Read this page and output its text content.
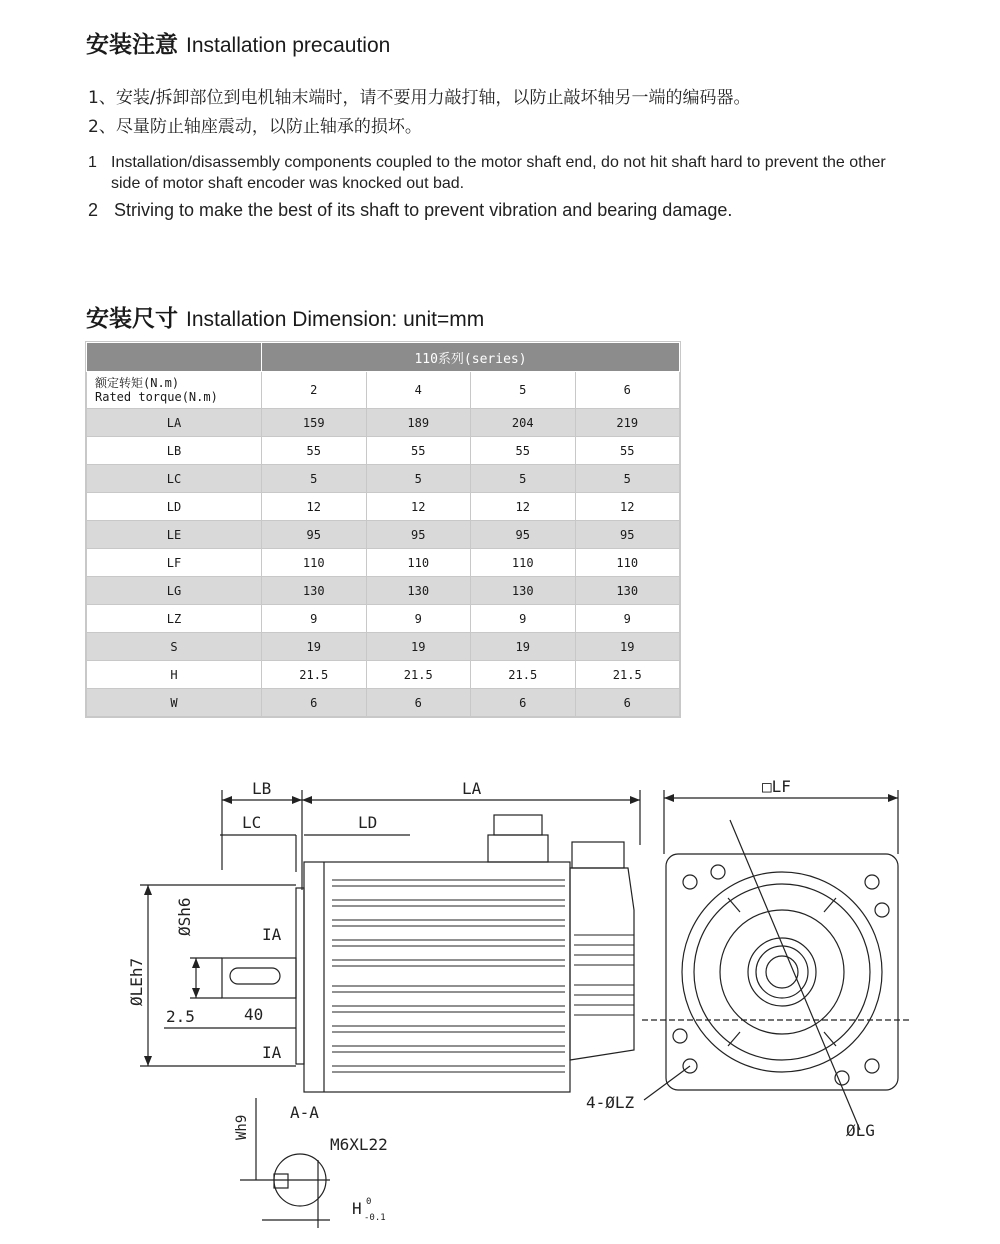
安装注意 Installation precaution
1、安装/拆卸部位到电机轴末端时，请不要用力敲打轴，以防止敲坏轴另一端的编码器。
2、尽量防止轴座震动，以防止轴承的损坏。
1 Installation/disassembly components coupled to the motor shaft end, do not hit shaft hard to prevent the other
side of motor shaft encoder was knocked out bad.
2 Striving to make the best of its shaft to prevent vibration and bearing damage.
安装尺寸 Installation Dimension: unit=mm
	110系列(series)			

额定转矩(N.m)
Rated torque(N.m)	2	4	5	6
LA	159	189	204	219
LB	55	55	55	55
LC	5	5	5	5
LD	12	12	12	12
LE	95	95	95	95
LF	110	110	110	110
LG	130	130	130	130
LZ	9	9	9	9
S	19	19	19	19
H	21.5	21.5	21.5	21.5
W	6	6	6	6
LB	LA	□LF
LC	LD
ØSh6
ØLEh7
IA
IA
2.5	40
A-A
Wh9
M6XL22
H 0
-0.1
4-ØLZ
ØLG
